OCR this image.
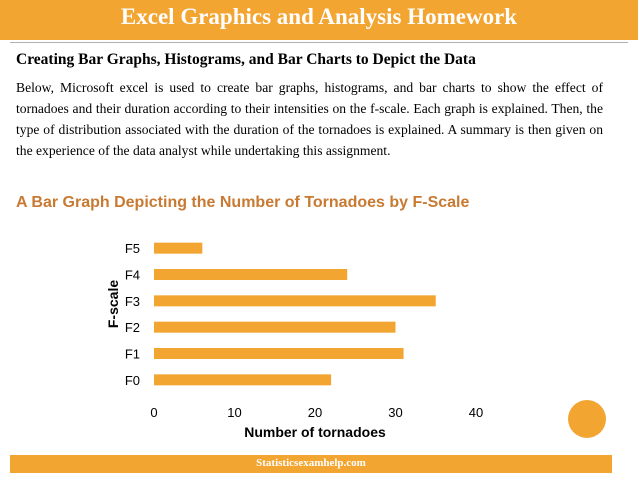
Excel Graphics and Analysis Homework
Creating Bar Graphs, Histograms, and Bar Charts to Depict the Data
Below, Microsoft excel is used to create bar graphs, histograms, and bar charts to show the effect of tornadoes and their duration according to their intensities on the f-scale. Each graph is explained. Then, the type of distribution associated with the duration of the tornadoes is explained. A summary is then given on the experience of the data analyst while undertaking this assignment.
A Bar Graph Depicting the Number of Tornadoes by F-Scale
F0
F1
F2
F3
F4
F5
0	10	20	30	40
Number of tornadoes
F-scale
Statisticsexamhelp.com
